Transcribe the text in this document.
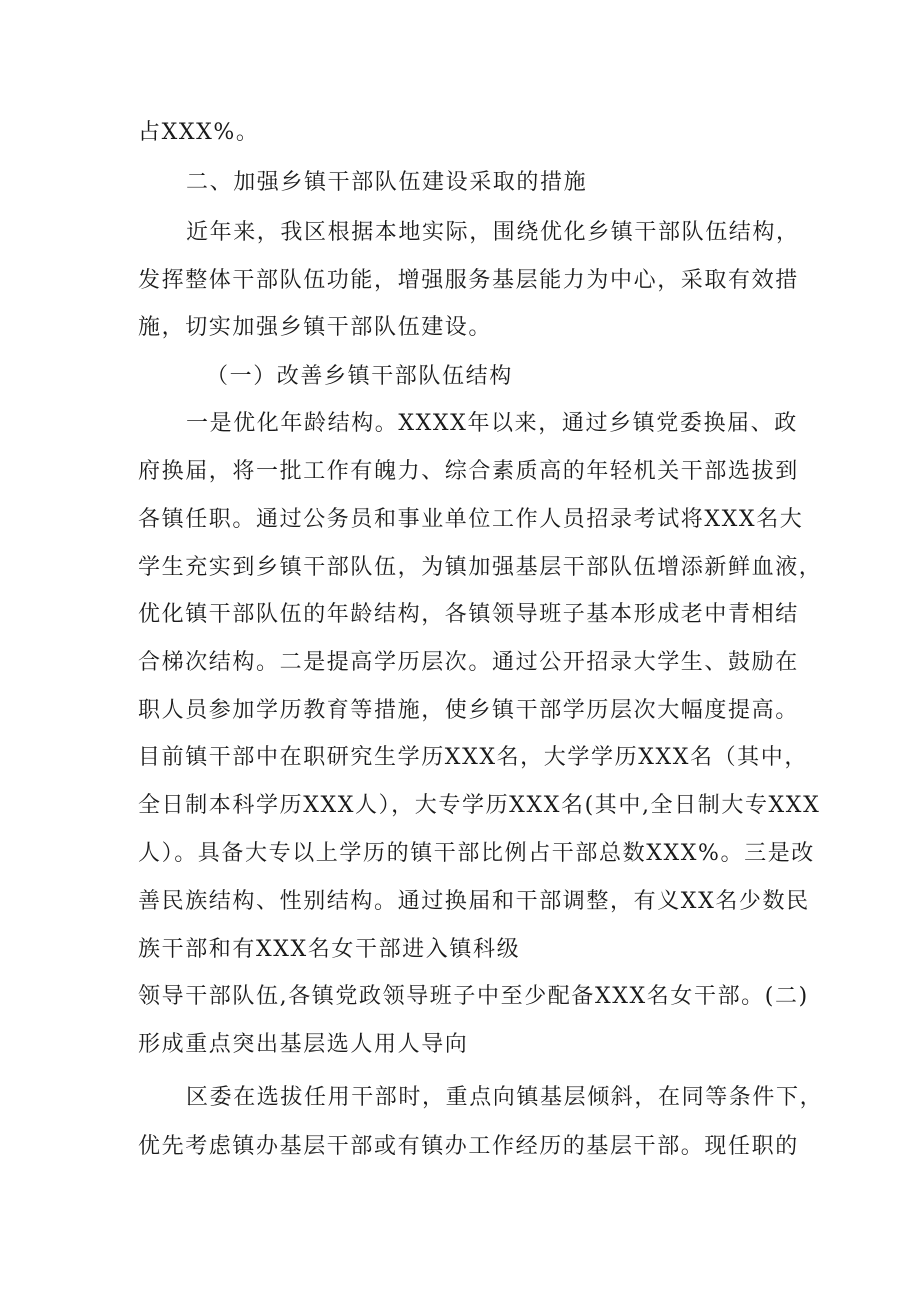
占XXX%。
二、加强乡镇干部队伍建设采取的措施
近年来，我区根据本地实际，围绕优化乡镇干部队伍结构，
发挥整体干部队伍功能，增强服务基层能力为中心，采取有效措
施，切实加强乡镇干部队伍建设。
（一）改善乡镇干部队伍结构
一是优化年龄结构。XXXX年以来，通过乡镇党委换届、政
府换届，将一批工作有魄力、综合素质高的年轻机关干部选拔到
各镇任职。通过公务员和事业单位工作人员招录考试将XXX名大
学生充实到乡镇干部队伍，为镇加强基层干部队伍增添新鲜血液，
优化镇干部队伍的年龄结构，各镇领导班子基本形成老中青相结
合梯次结构。二是提高学历层次。通过公开招录大学生、鼓励在
职人员参加学历教育等措施，使乡镇干部学历层次大幅度提高。
目前镇干部中在职研究生学历XXX名，大学学历XXX名（其中，
全日制本科学历XXX人），大专学历XXX名(其中,全日制大专XXX
人）。具备大专以上学历的镇干部比例占干部总数XXX%。三是改
善民族结构、性别结构。通过换届和干部调整，有义XX名少数民
族干部和有XXX名女干部进入镇科级
领导干部队伍,各镇党政领导班子中至少配备XXX名女干部。(二)
形成重点突出基层选人用人导向
区委在选拔任用干部时，重点向镇基层倾斜，在同等条件下，
优先考虑镇办基层干部或有镇办工作经历的基层干部。现任职的
